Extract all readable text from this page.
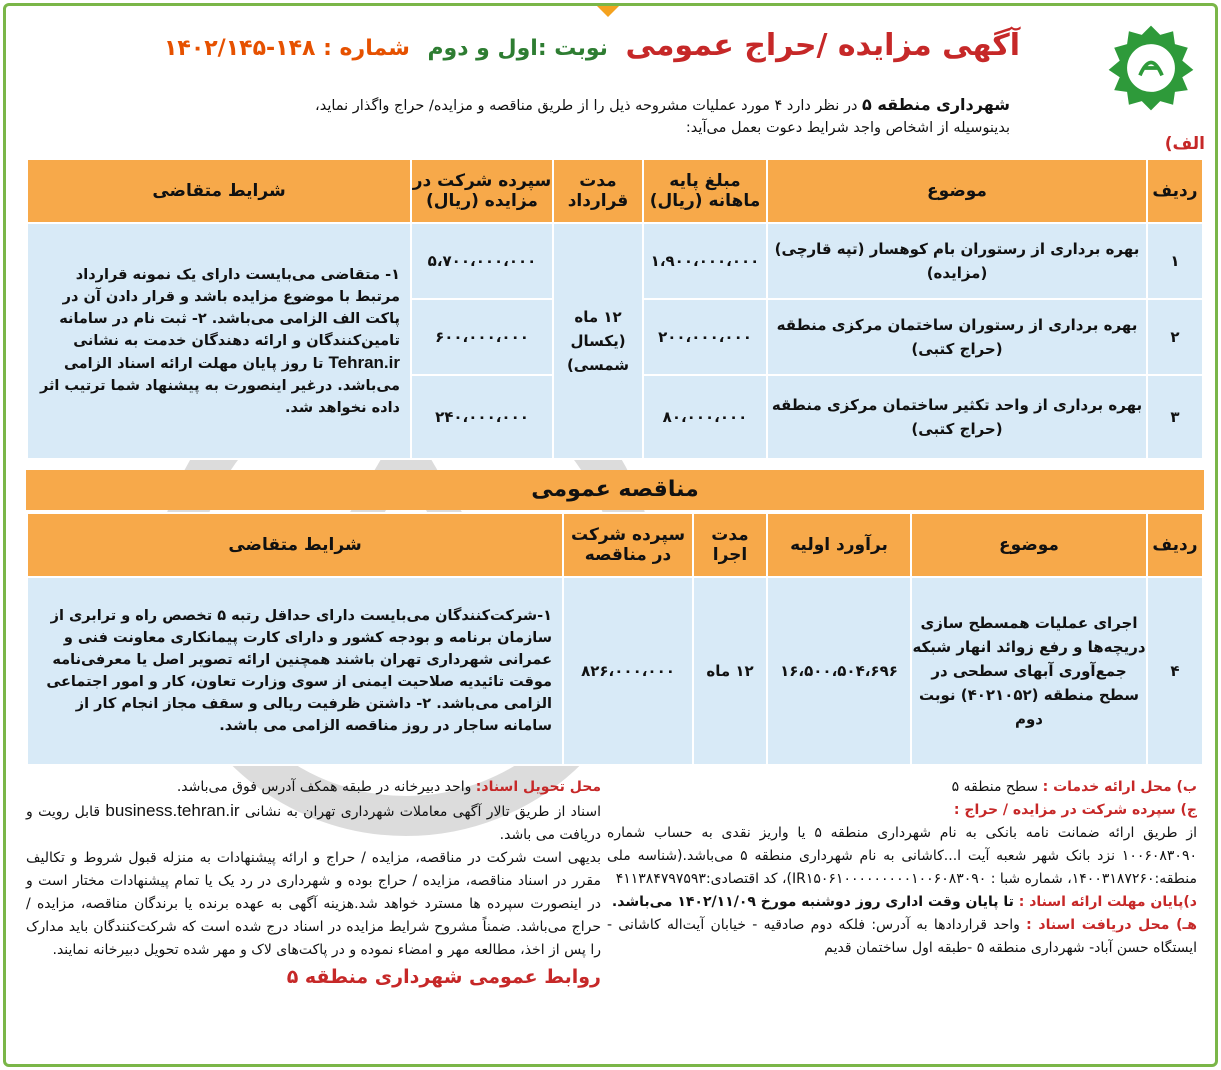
الف)
آگهی مزایده /حراج عمومی نوبت :اول و دوم شماره : ۱۴۸-۱۴۰۲/۱۴۵
شهرداری منطقه ۵ در نظر دارد ۴ مورد عملیات مشروحه ذیل را از طریق مناقصه و مزایده/ حراج واگذار نماید،
بدینوسیله از اشخاص واجد شرایط دعوت بعمل می‌آید:
ردیف	موضوع	مبلغ پایه ماهانه (ریال)	مدت قرارداد	سپرده شرکت در مزایده (ریال)	شرایط متقاضی
۱	بهره برداری از رستوران بام کوهسار (تپه قارچی) (مزایده)	۱،۹۰۰،۰۰۰،۰۰۰	۱۲ ماه (یکسال شمسی)	۵،۷۰۰،۰۰۰،۰۰۰	۱- متقاضی می‌بایست دارای یک نمونه قرارداد مرتبط با موضوع مزایده باشد و قرار دادن آن در پاکت الف الزامی می‌باشد. ۲- ثبت نام در سامانه تامین‌کنندگان و ارائه دهندگان خدمت به نشانی Tehran.ir تا روز پایان مهلت ارائه اسناد الزامی می‌باشد. درغیر اینصورت به پیشنهاد شما ترتیب اثر داده نخواهد شد.
۲	بهره برداری از رستوران ساختمان مرکزی منطقه (حراج کتبی)	۲۰۰،۰۰۰،۰۰۰		۶۰۰،۰۰۰،۰۰۰	
۳	بهره برداری از واحد تکثیر ساختمان مرکزی منطقه (حراج کتبی)	۸۰،۰۰۰،۰۰۰		۲۴۰،۰۰۰،۰۰۰	
مناقصه عمومی
ردیف	موضوع	برآورد اولیه	مدت اجرا	سپرده شرکت در مناقصه	شرایط متقاضی
۴	اجرای عملیات همسطح سازی دریچه‌ها و رفع زوائد انهار شبکه جمع‌آوری آبهای سطحی در سطح منطقه (۴۰۲۱۰۵۲) نوبت دوم	۱۶،۵۰۰،۵۰۴،۶۹۶	۱۲ ماه	۸۲۶،۰۰۰،۰۰۰	۱-شرکت‌کنندگان می‌بایست دارای حداقل رتبه ۵ تخصص راه و ترابری از سازمان برنامه و بودجه کشور و دارای کارت پیمانکاری معاونت فنی و عمرانی شهرداری تهران باشند همچنین ارائه تصویر اصل یا معرفی‌نامه موقت تائیدیه صلاحیت ایمنی از سوی وزارت تعاون، کار و امور اجتماعی الزامی می‌باشد. ۲- داشتن ظرفیت ریالی و سقف مجاز انجام کار از سامانه ساجار در روز مناقصه الزامی می باشد.
ب) محل ارائه خدمات : سطح منطقه ۵
ج) سپرده شرکت در مزایده / حراج :
از طریق ارائه ضمانت نامه بانکی به نام شهرداری منطقه ۵ یا واریز نقدی به حساب شماره ۱۰۰۶۰۸۳۰۹۰ نزد بانک شهر شعبه آیت ا...کاشانی به نام شهرداری منطقه ۵ می‌باشد.(شناسه ملی منطقه:۱۴۰۰۳۱۸۷۲۶۰، شماره شبا : IR۱۵۰۶۱۰۰۰۰۰۰۰۰۰۱۰۰۶۰۸۳۰۹۰)، کد اقتصادی:۴۱۱۳۸۴۷۹۷۵۹۳
د)پایان مهلت ارائه اسناد : تا پایان وقت اداری روز دوشنبه مورخ ۱۴۰۲/۱۱/۰۹ می‌باشد.
هـ) محل دریافت اسناد : واحد قراردادها به آدرس: فلکه دوم صادقیه - خیابان آیت‌اله کاشانی - ایستگاه حسن آباد- شهرداری منطقه ۵ -طبقه اول ساختمان قدیم
محل تحویل اسناد: واحد دبیرخانه در طبقه همکف آدرس فوق می‌باشد.
اسناد از طریق تالار آگهی معاملات شهرداری تهران به نشانی business.tehran.ir قابل رویت و دریافت می باشد.
بدیهی است شرکت در مناقصه، مزایده / حراج و ارائه پیشنهادات به منزله قبول شروط و تکالیف مقرر در اسناد مناقصه، مزایده / حراج بوده و شهرداری در رد یک یا تمام پیشنهادات مختار است و در اینصورت سپرده ها مسترد خواهد شد.هزینه آگهی به عهده برنده یا برندگان مناقصه، مزایده / حراج می‌باشد. ضمناً مشروح شرایط مزایده در اسناد درج شده است که شرکت‌کنندگان باید مدارک را پس از اخذ، مطالعه مهر و امضاء نموده و در پاکت‌های لاک و مهر شده تحویل دبیرخانه نمایند.
روابط عمومی شهرداری منطقه ۵
